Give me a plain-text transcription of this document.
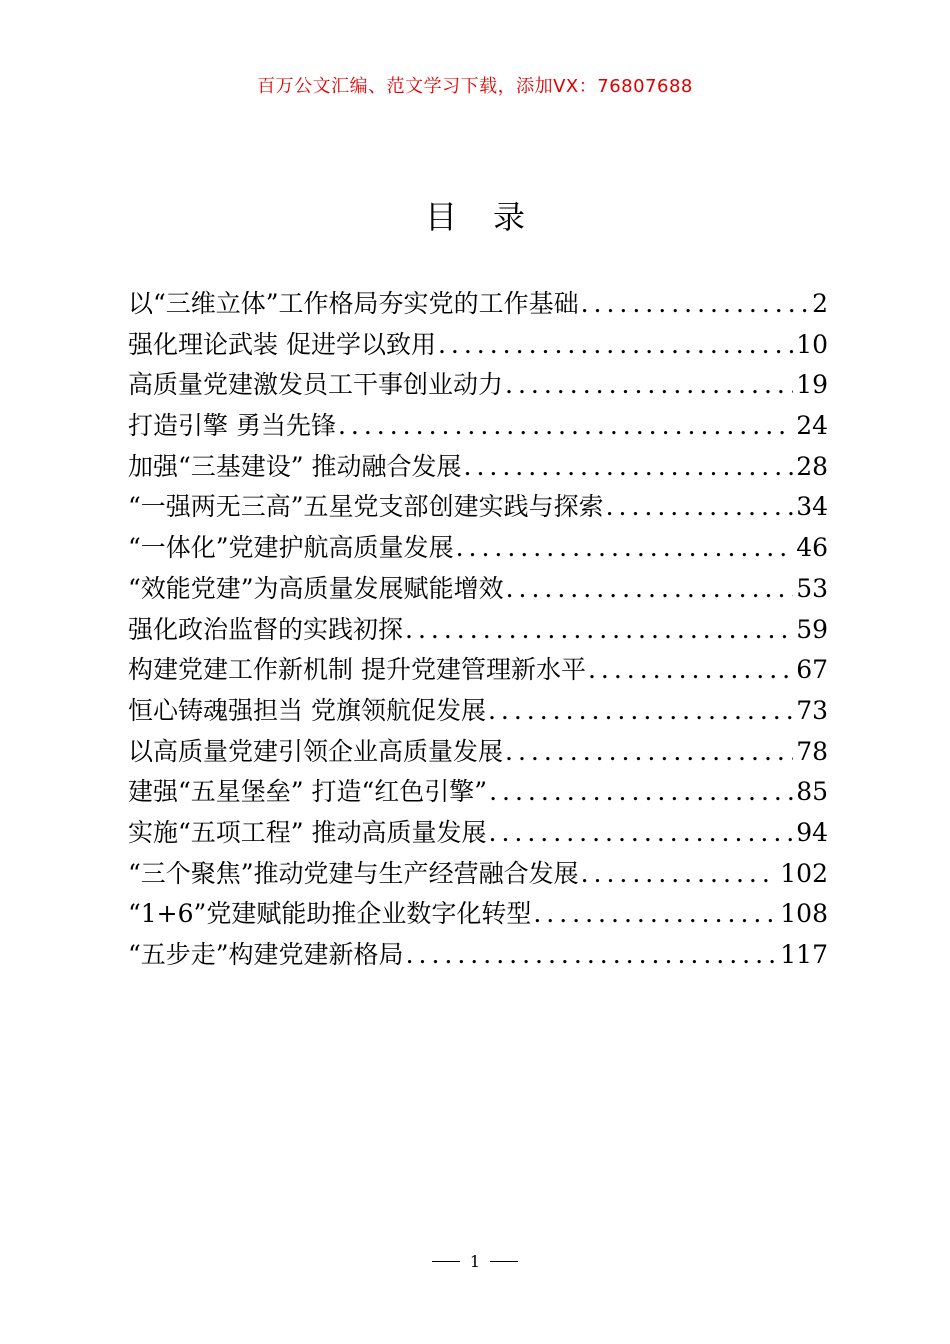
百万公文汇编、范文学习下载，添加VX：76807688
目录
以“三维立体”工作格局夯实党的工作基础 .....	2
强化理论武装 促进学以致用 .....	10
高质量党建激发员工干事创业动力 .....	19
打造引擎 勇当先锋 .....	24
加强“三基建设” 推动融合发展 .....	28
“一强两无三高”五星党支部创建实践与探索 .....	34
“一体化”党建护航高质量发展 .....	46
“效能党建”为高质量发展赋能增效 .....	53
强化政治监督的实践初探 .....	59
构建党建工作新机制 提升党建管理新水平 .....	67
恒心铸魂强担当 党旗领航促发展 .....	73
以高质量党建引领企业高质量发展 .....	78
建强“五星堡垒” 打造“红色引擎” .....	85
实施“五项工程” 推动高质量发展 .....	94
“三个聚焦”推动党建与生产经营融合发展 .....	102
“1+6”党建赋能助推企业数字化转型 .....	108
“五步走”构建党建新格局 .....	117
1
